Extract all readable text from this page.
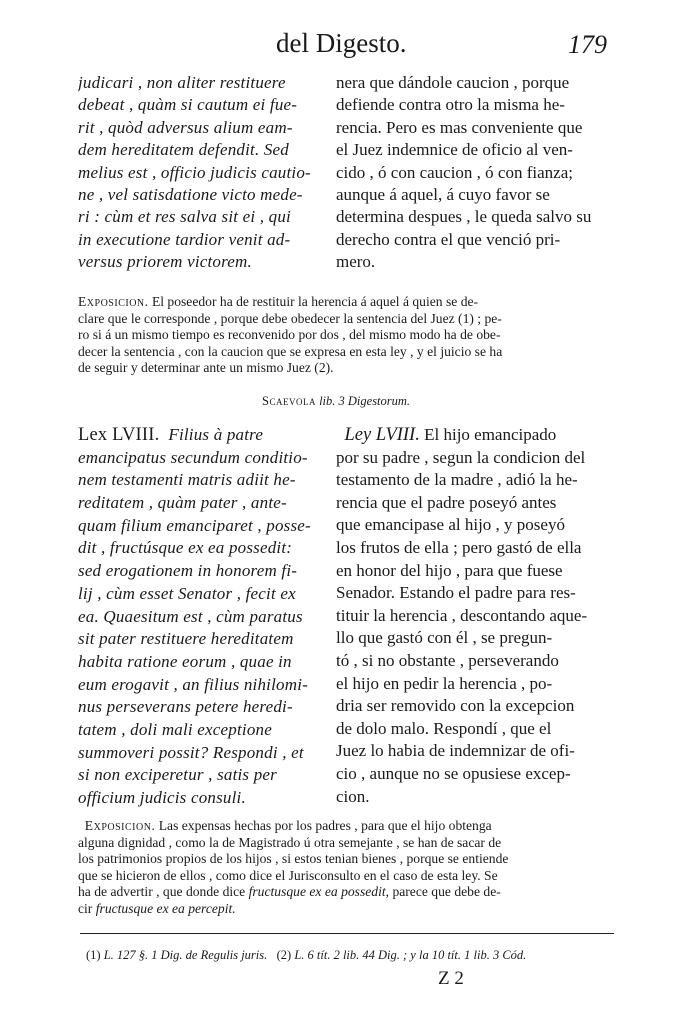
del Digesto.	179
judicari , non aliter restituere
debeat , quàm si cautum ei fue-
rit , quòd adversus alium eam-
dem hereditatem defendit. Sed
melius est , officio judicis cautio-
ne , vel satisdatione victo mede-
ri : cùm et res salva sit ei , qui
in executione tardior venit ad-
versus priorem victorem.
nera que dándole caucion , porque
defiende contra otro la misma he-
rencia. Pero es mas conveniente que
el Juez indemnice de oficio al ven-
cido , ó con caucion , ó con fianza;
aunque á aquel, á cuyo favor se
determina despues , le queda salvo su
derecho contra el que venció pri-
mero.
Exposicion. El poseedor ha de restituir la herencia á aquel á quien se de-
clare que le corresponde , porque debe obedecer la sentencia del Juez (1) ; pe-
ro si á un mismo tiempo es reconvenido por dos , del mismo modo ha de obe-
decer la sentencia , con la caucion que se expresa en esta ley , y el juicio se ha
de seguir y determinar ante un mismo Juez (2).
Scaevola lib. 3 Digestorum.
Lex LVIII. Filius à patre
emancipatus secundum conditio-
nem testamenti matris adiit he-
reditatem , quàm pater , ante-
quam filium emanciparet , posse-
dit , fructúsque ex ea possedit:
sed erogationem in honorem fi-
lij , cùm esset Senator , fecit ex
ea. Quaesitum est , cùm paratus
sit pater restituere hereditatem
habita ratione eorum , quae in
eum erogavit , an filius nihilomi-
nus perseverans petere heredi-
tatem , doli mali exceptione
summoveri possit? Respondi , et
si non exciperetur , satis per
officium judicis consuli.
Ley LVIII. El hijo emancipado
por su padre , segun la condicion del
testamento de la madre , adió la he-
rencia que el padre poseyó antes
que emancipase al hijo , y poseyó
los frutos de ella ; pero gastó de ella
en honor del hijo , para que fuese
Senador. Estando el padre para res-
tituir la herencia , descontando aque-
llo que gastó con él , se pregun-
tó , si no obstante , perseverando
el hijo en pedir la herencia , po-
dria ser removido con la excepcion
de dolo malo. Respondí , que el
Juez lo habia de indemnizar de ofi-
cio , aunque no se opusiese excep-
cion.
Exposicion. Las expensas hechas por los padres , para que el hijo obtenga
alguna dignidad , como la de Magistrado ú otra semejante , se han de sacar de
los patrimonios propios de los hijos , si estos tenian bienes , porque se entiende
que se hicieron de ellos , como dice el Jurisconsulto en el caso de esta ley. Se
ha de advertir , que donde dice fructusque ex ea possedit, parece que debe de-
cir fructusque ex ea percepit.
(1) L. 127 §. 1 Dig. de Regulis juris. (2) L. 6 tít. 2 lib. 44 Dig. ; y la 10 tít. 1 lib. 3 Cód.
Z 2
